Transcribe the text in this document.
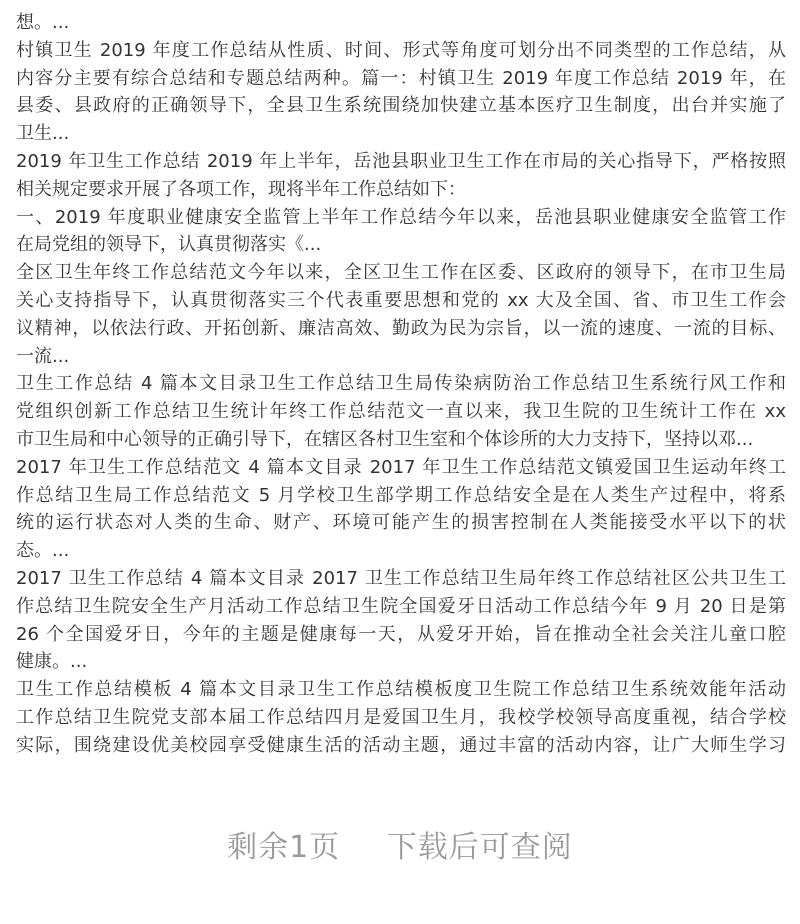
想。...
村镇卫生 2019 年度工作总结从性质、时间、形式等角度可划分出不同类型的工作总结，从
内容分主要有综合总结和专题总结两种。篇一：村镇卫生 2019 年度工作总结 2019 年，在
县委、县政府的正确领导下，全县卫生系统围绕加快建立基本医疗卫生制度，出台并实施了
卫生...
2019 年卫生工作总结 2019 年上半年，岳池县职业卫生工作在市局的关心指导下，严格按照
相关规定要求开展了各项工作，现将半年工作总结如下：
一、2019 年度职业健康安全监管上半年工作总结今年以来，岳池县职业健康安全监管工作
在局党组的领导下，认真贯彻落实《...
全区卫生年终工作总结范文今年以来，全区卫生工作在区委、区政府的领导下，在市卫生局
关心支持指导下，认真贯彻落实三个代表重要思想和党的 xx 大及全国、省、市卫生工作会
议精神，以依法行政、开拓创新、廉洁高效、勤政为民为宗旨，以一流的速度、一流的目标、
一流...
卫生工作总结 4 篇本文目录卫生工作总结卫生局传染病防治工作总结卫生系统行风工作和
党组织创新工作总结卫生统计年终工作总结范文一直以来，我卫生院的卫生统计工作在 xx
市卫生局和中心领导的正确引导下，在辖区各村卫生室和个体诊所的大力支持下，坚持以邓...
2017 年卫生工作总结范文 4 篇本文目录 2017 年卫生工作总结范文镇爱国卫生运动年终工
作总结卫生局工作总结范文 5 月学校卫生部学期工作总结安全是在人类生产过程中，将系
统的运行状态对人类的生命、财产、环境可能产生的损害控制在人类能接受水平以下的状
态。...
2017 卫生工作总结 4 篇本文目录 2017 卫生工作总结卫生局年终工作总结社区公共卫生工
作总结卫生院安全生产月活动工作总结卫生院全国爱牙日活动工作总结今年 9 月 20 日是第
26 个全国爱牙日，今年的主题是健康每一天，从爱牙开始，旨在推动全社会关注儿童口腔
健康。...
卫生工作总结模板 4 篇本文目录卫生工作总结模板度卫生院工作总结卫生系统效能年活动
工作总结卫生院党支部本届工作总结四月是爱国卫生月，我校学校领导高度重视，结合学校
实际，围绕建设优美校园享受健康生活的活动主题，通过丰富的活动内容，让广大师生学习
剩余1页 下载后可查阅
